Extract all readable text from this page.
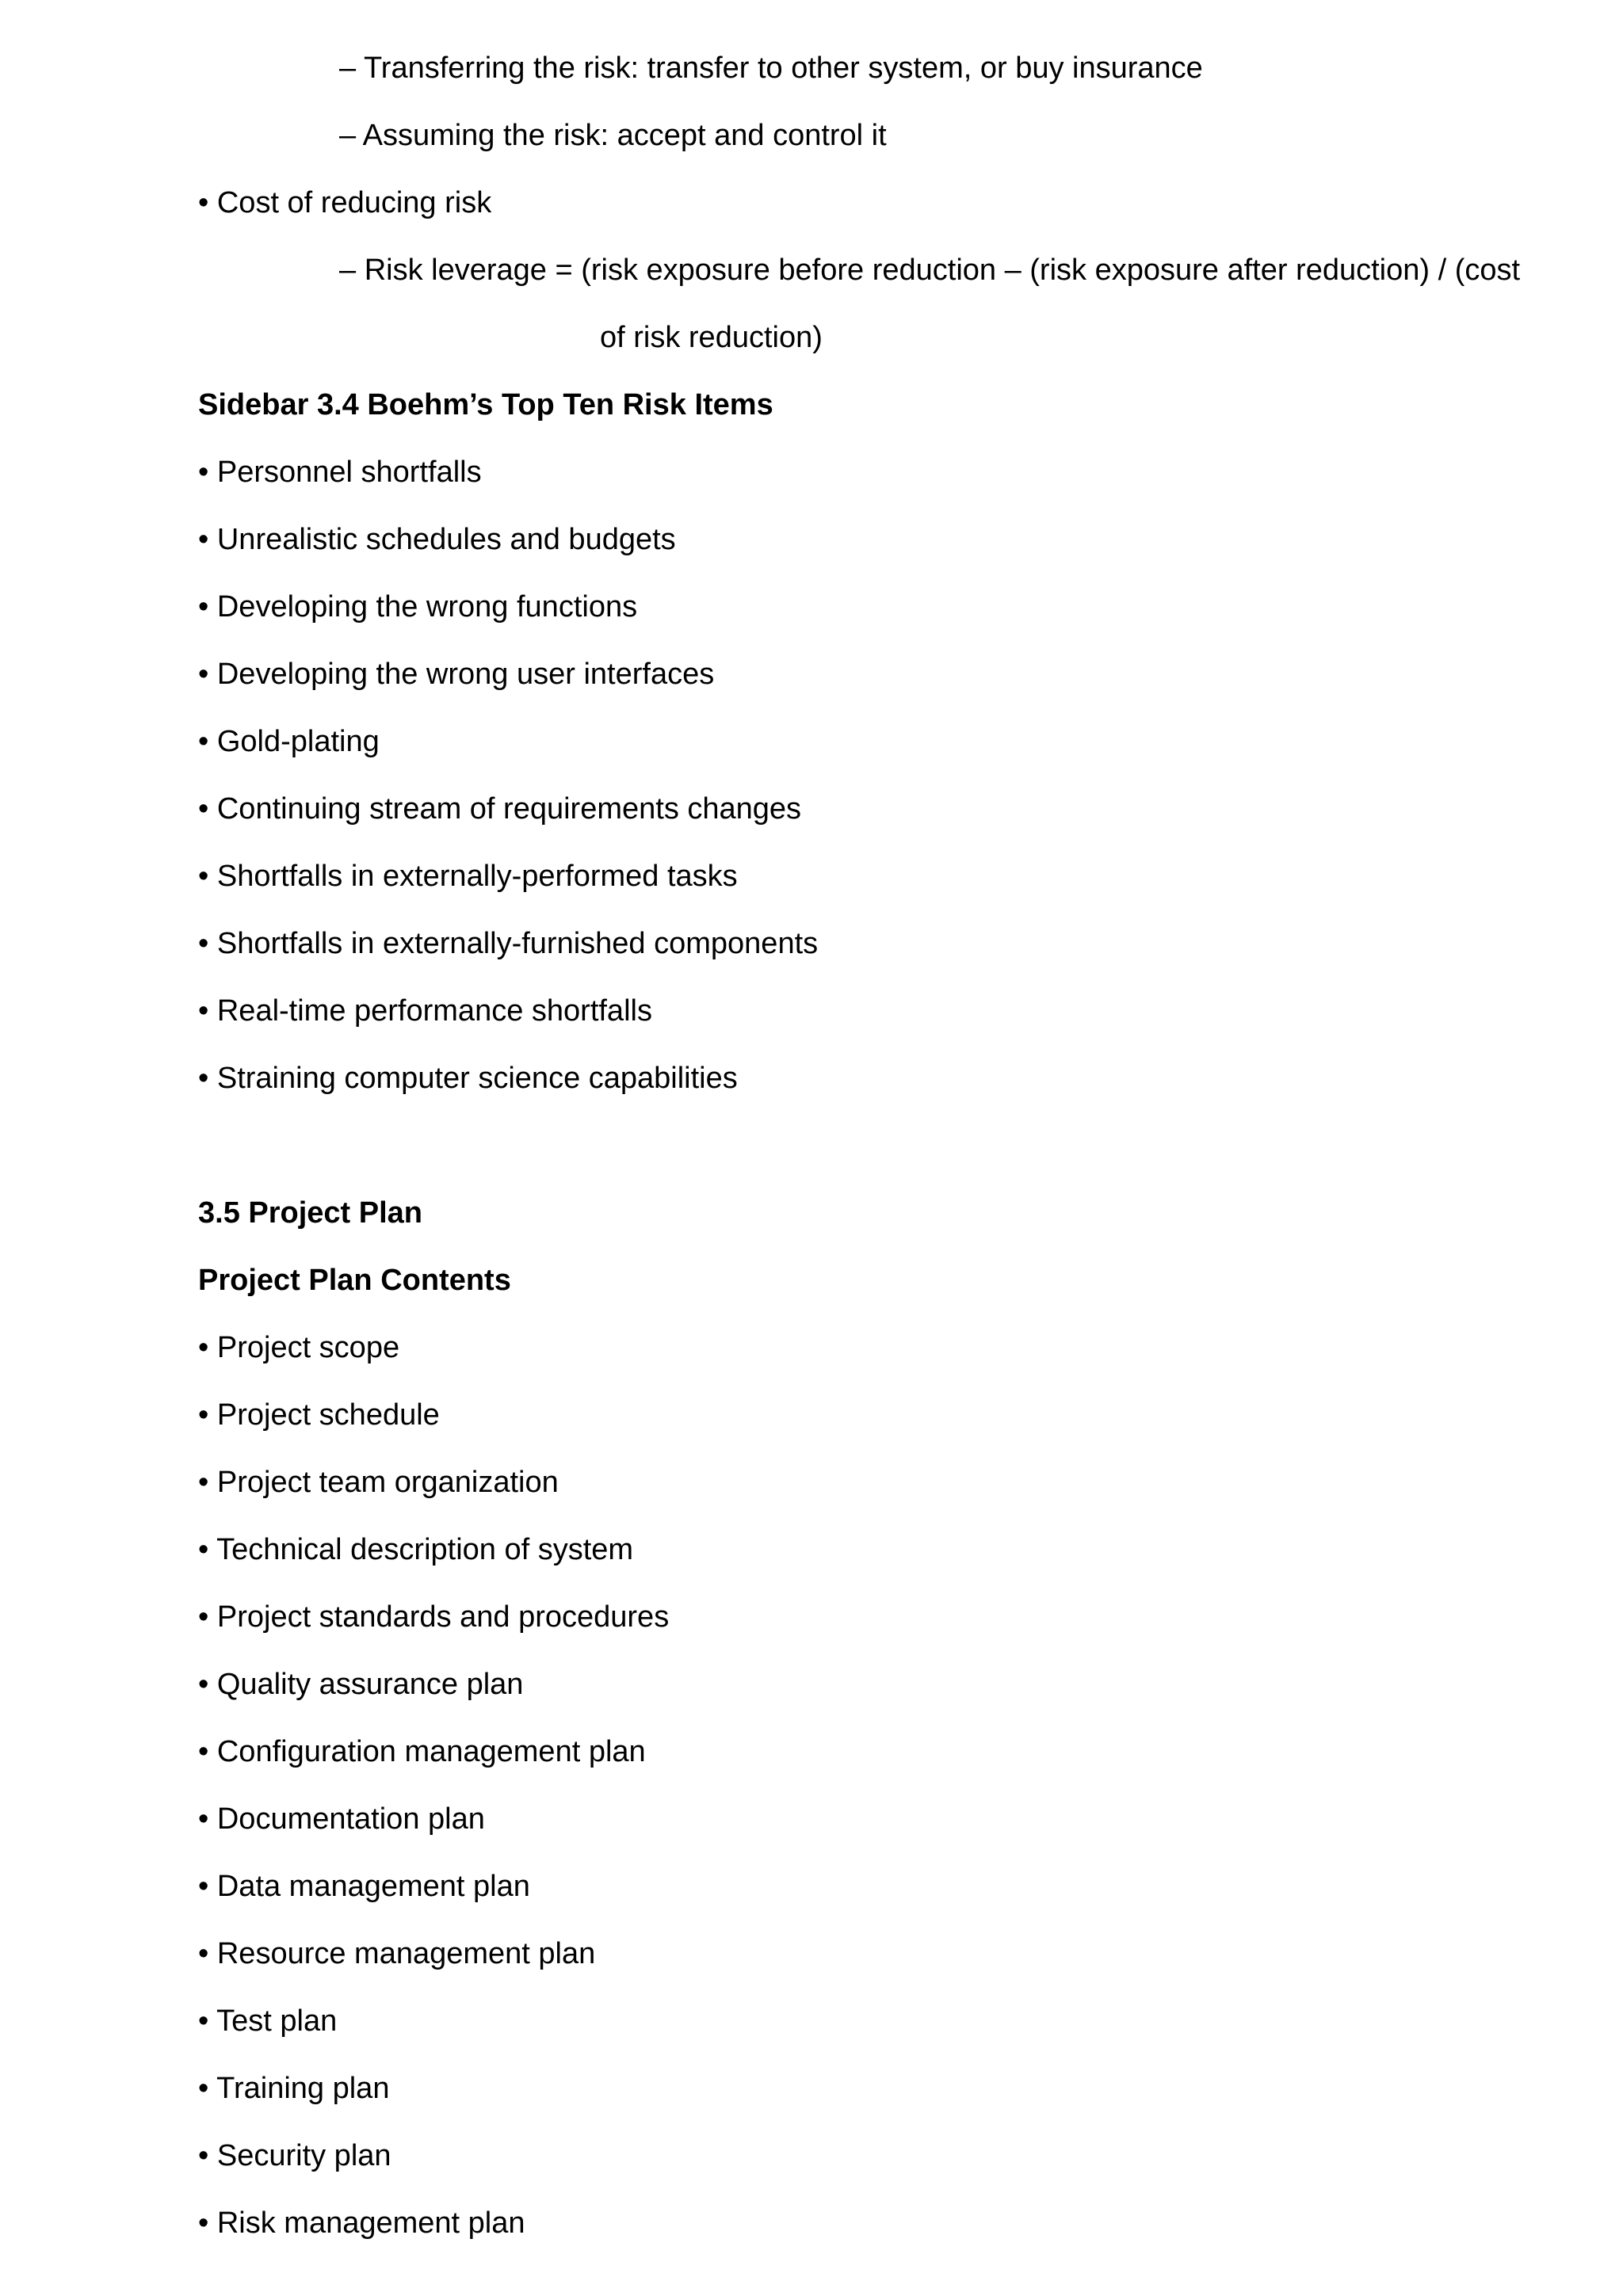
– Transferring the risk: transfer to other system, or buy insurance
– Assuming the risk: accept and control it
• Cost of reducing risk
– Risk leverage = (risk exposure before reduction – (risk exposure after reduction) / (cost
of risk reduction)
Sidebar 3.4 Boehm’s Top Ten Risk Items
• Personnel shortfalls
• Unrealistic schedules and budgets
• Developing the wrong functions
• Developing the wrong user interfaces
• Gold-plating
• Continuing stream of requirements changes
• Shortfalls in externally-performed tasks
• Shortfalls in externally-furnished components
• Real-time performance shortfalls
• Straining computer science capabilities
3.5 Project Plan
Project Plan Contents
• Project scope
• Project schedule
• Project team organization
• Technical description of system
• Project standards and procedures
• Quality assurance plan
• Configuration management plan
• Documentation plan
• Data management plan
• Resource management plan
• Test plan
• Training plan
• Security plan
• Risk management plan
